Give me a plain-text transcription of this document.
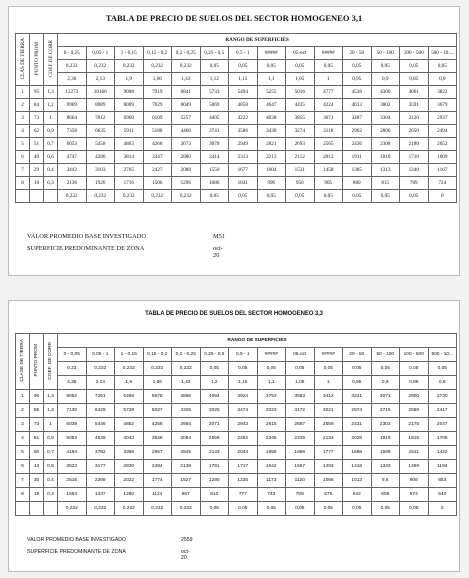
TABLA DE PRECIO DE SUELOS DEL SECTOR HOMOGENEO 3,1
CLAS DE TIERRA	PUNTO PROM	COEF DE CORR	RANGO DE SUPERFICIES													
			0 - 0,25	0,05 - 1	1 - 0,15	0,15 - 0,2	0,2 - 0,25	0,25 - 0,5	0,5 - 1	#####	05-oct	#####	20 - 50	50 - 100	100 - 500	500 - 10....
			0,232	0,232	0,232	0,232	0,232	0,05	0,05	0,05	0,05	0,05	0,05	0,05	0,05	0,05
			2,36	2,13	1,9	1,66	1,43	1,12	1,15	1,1	1,05	1	0,95	0,9	0,85	0,8
1	95	1,3	11273	10166	9008	7919	6841	5733	5494	5255	5016	4777	4538	4300	4061	3822
2	84	1,2	9969	8989	8009	7029	6049	5069	4858	4647	4435	4224	4013	3802	3591	3679
3	73	1	8664	7812	6960	6109	5257	4405	4222	4038	3855	3671	3487	3304	3120	2937
4	62	0,9	7358	6635	5911	5188	4460	3741	3586	3430	3274	3118	2962	2806	2650	2494
5	51	0,7	6053	5458	4863	4268	3673	3078	2949	2821	2693	2565	2436	2308	2180	2052
6	40	0,6	4747	4280	3814	3347	2880	2414	2313	2213	2112	2012	1911	1810	1710	1609
7	29	0,4	3442	3103	2765	2427	2088	1550	1677	1604	1531	1458	1385	1313	1240	1167
8	18	0,3	2136	1926	1716	1506	1296	1086	1041	996	950	905	860	815	769	724
			0,232	0,232	0,232	0,232	0,232	0,05	0,05	0,05	0,05	0,05	0,05	0,05	0,05	0
VALOR PROMEDIO BASE INVESTIGADO	M51
SUPERFICIE PREDOMINANTE DE ZONA	oct-20
TABLA DE PRECIO DE SUELOS DEL SECTOR HOMOGENEO 3,3
CLASE DE TIERRA	PUNTO PROM	COEF. DE CORR	RANGO DE SUPERFICIES													
			0 - 0,05	0,05 - 1	1 - 0,15	0,15 - 0,2	0,2 - 0,25	0,25 - 0,5	0,5 - 1	#####	05-oct	#####	20 - 50	50 - 100	100 - 500	500 - 10...
			0,23	0,232	0,232	0,232	0,232	0,05	0,05	0,05	0,05	0,05	0,05	0,05	0,05	0,05
			2,36	2,13	1,9	1,66	1,43	1,2	1,15	1,1	1,05	1	0,95	0,9	0,85	0,8
1	96	1,3	8052	7261	6469	5678	4886	4094	3924	3753	3583	3412	3241	3071	2900	2730
2	85	1,2	7130	6429	5728	5027	4326	3025	3474	3323	3172	3021	2874	2719	2568	2417
3	73	1	6039	5446	4852	4258	3664	3071	2943	2815	2687	2559	2431	2303	2175	2047
4	61	0,9	5053	4538	4043	3548	3054	2559	2452	2346	2239	2133	2026	1919	1815	1706
5	50	0,7	4194	3782	3369	2957	2545	2133	2044	1955	1866	1777	1688	1599	1511	1422
6	43	0,6	3523	3177	2830	2484	2138	1791	1717	1642	1567	1493	1418	1343	1269	1194
7	30	0,4	2516	2269	2022	1774	1527	1280	1226	1173	1120	1066	1013	9,6	906	853
8	19	0,3	1594	1437	1280	1124	967	810	777	743	709	675	642	608	574	540
			0,232	0,232	0,232	0,232	0,232	0,05	0,05	0,05	0,05	0,05	0,05	0,05	0,05	0
VALOR PROMEDIO BASE INVESTIGADO	2559
SUPERFICIE PREDOMINANTE DE ZONA	oct-20
